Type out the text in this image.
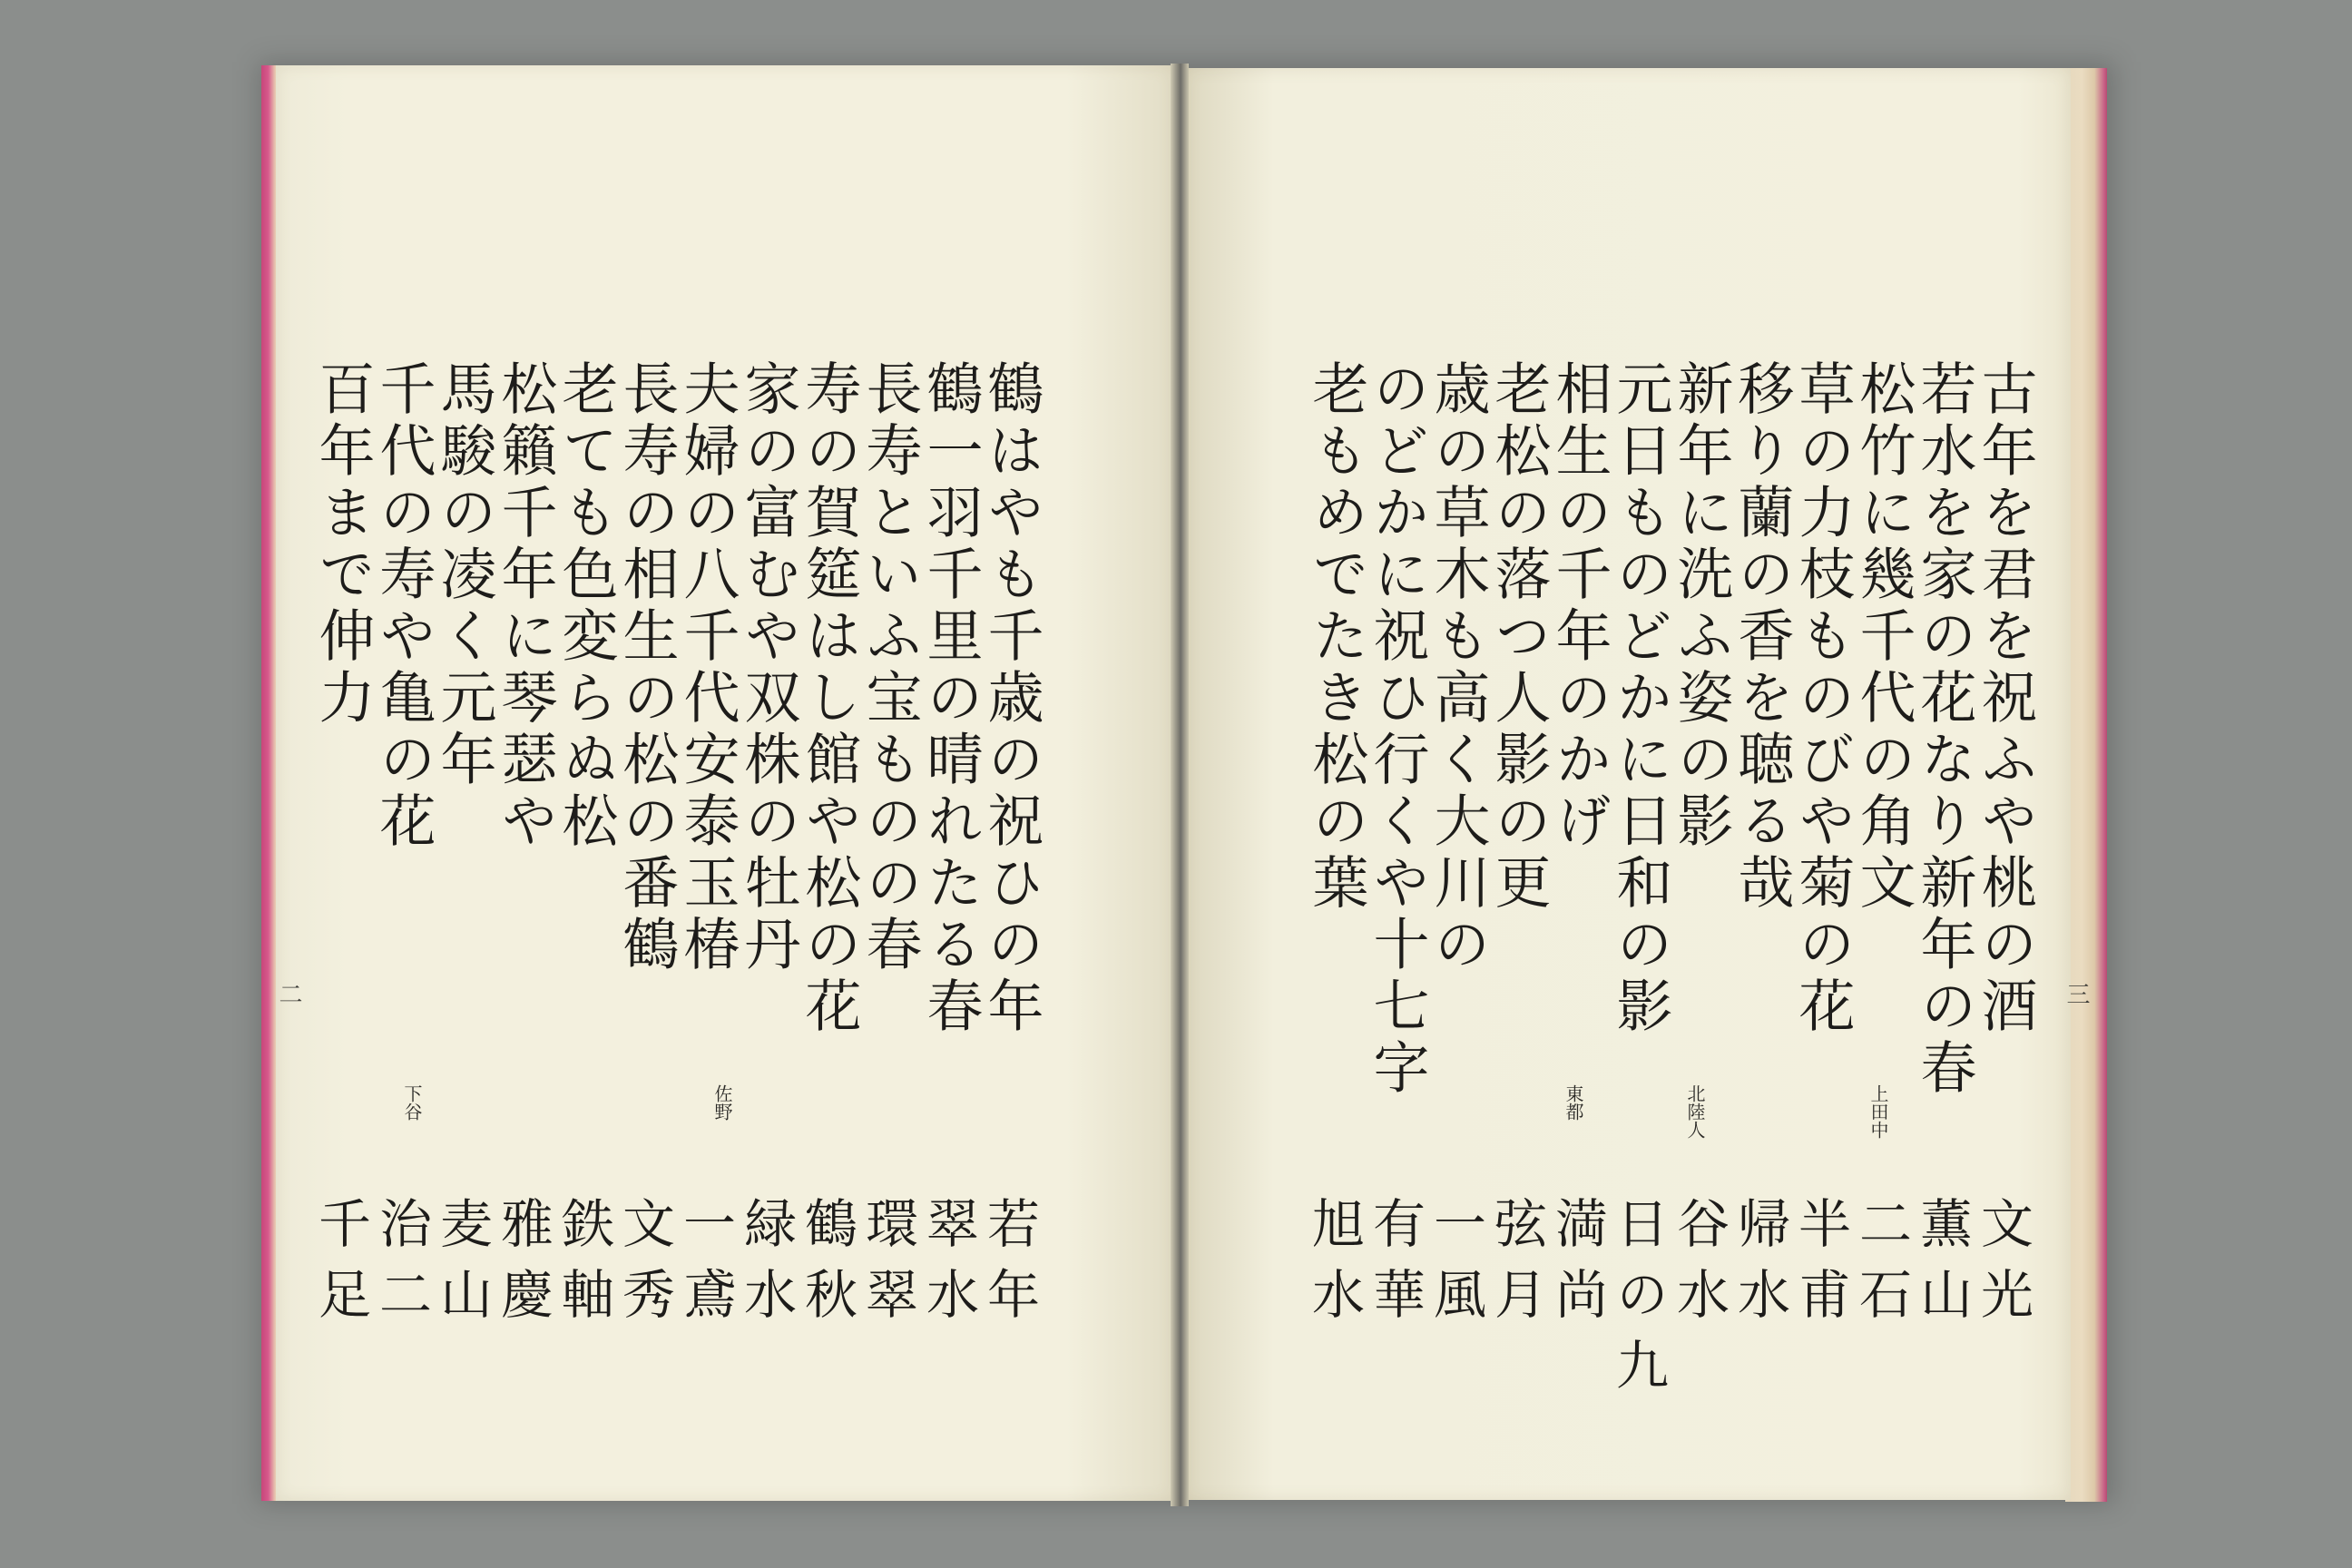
古年を君を祝ふや桃の酒
若水を家の花なり新年の春
松竹に幾千代の角文
草の力枝ものびや菊の花
移り蘭の香を聴る哉
新年に洗ふ姿の影
元日ものどかに日和の影
相生の千年のかげ
老松の落つ人影の更
歳の草木も高く大川の
のどかに祝ひ行くや十七字
老もめでたき松の葉
上田中
北陸人
東都
文光
薫山
二石
半甫
帰水
谷水
日の九
満尚
弦月
一風
有華
旭水
三
鶴はやも千歳の祝ひの年
鶴一羽千里の晴れたる春
長寿といふ宝ものの春
寿の賀筵はし館や松の花
家の富むや双株の牡丹
夫婦の八千代安泰玉椿
長寿の相生の松の番鶴
老ても色変らぬ松
松籟千年に琴瑟や
馬駿の凌く元年
千代の寿や亀の花
百年まで伸力
佐野
下谷
若年
翠水
環翠
鶴秋
緑水
一鳶
文秀
鉄軸
雅慶
麦山
治二
千足
二
